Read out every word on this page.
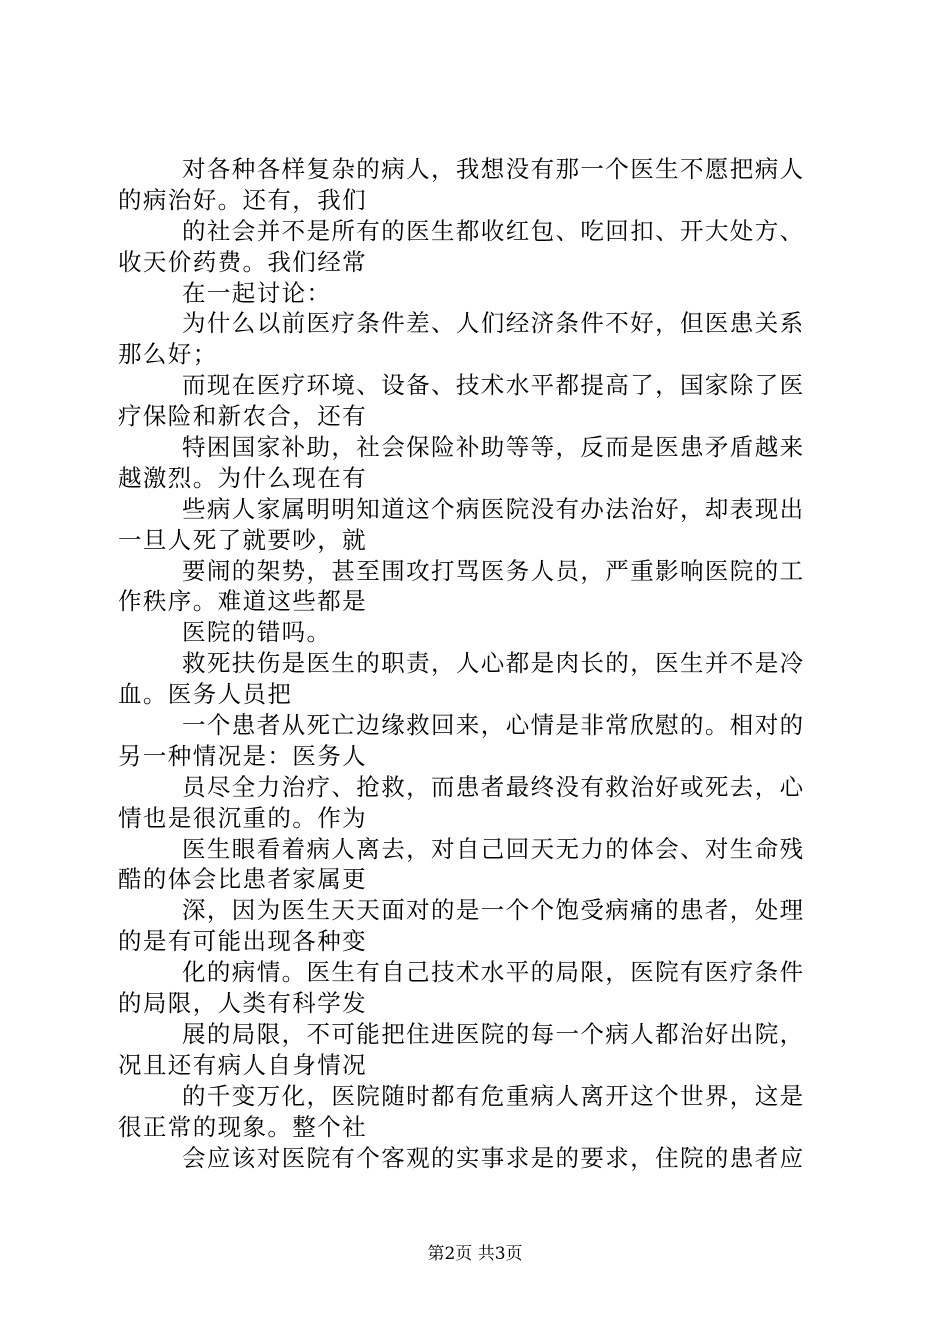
对各种各样复杂的病人，我想没有那一个医生不愿把病人
的病治好。还有，我们
的社会并不是所有的医生都收红包、吃回扣、开大处方、
收天价药费。我们经常
在一起讨论：
为什么以前医疗条件差、人们经济条件不好，但医患关系
那么好；
而现在医疗环境、设备、技术水平都提高了，国家除了医
疗保险和新农合，还有
特困国家补助，社会保险补助等等，反而是医患矛盾越来
越激烈。为什么现在有
些病人家属明明知道这个病医院没有办法治好，却表现出
一旦人死了就要吵，就
要闹的架势，甚至围攻打骂医务人员，严重影响医院的工
作秩序。难道这些都是
医院的错吗。
救死扶伤是医生的职责，人心都是肉长的，医生并不是冷
血。医务人员把
一个患者从死亡边缘救回来，心情是非常欣慰的。相对的
另一种情况是：医务人
员尽全力治疗、抢救，而患者最终没有救治好或死去，心
情也是很沉重的。作为
医生眼看着病人离去，对自己回天无力的体会、对生命残
酷的体会比患者家属更
深，因为医生天天面对的是一个个饱受病痛的患者，处理
的是有可能出现各种变
化的病情。医生有自己技术水平的局限，医院有医疗条件
的局限，人类有科学发
展的局限，不可能把住进医院的每一个病人都治好出院，
况且还有病人自身情况
的千变万化，医院随时都有危重病人离开这个世界，这是
很正常的现象。整个社
会应该对医院有个客观的实事求是的要求，住院的患者应
第2页 共3页
